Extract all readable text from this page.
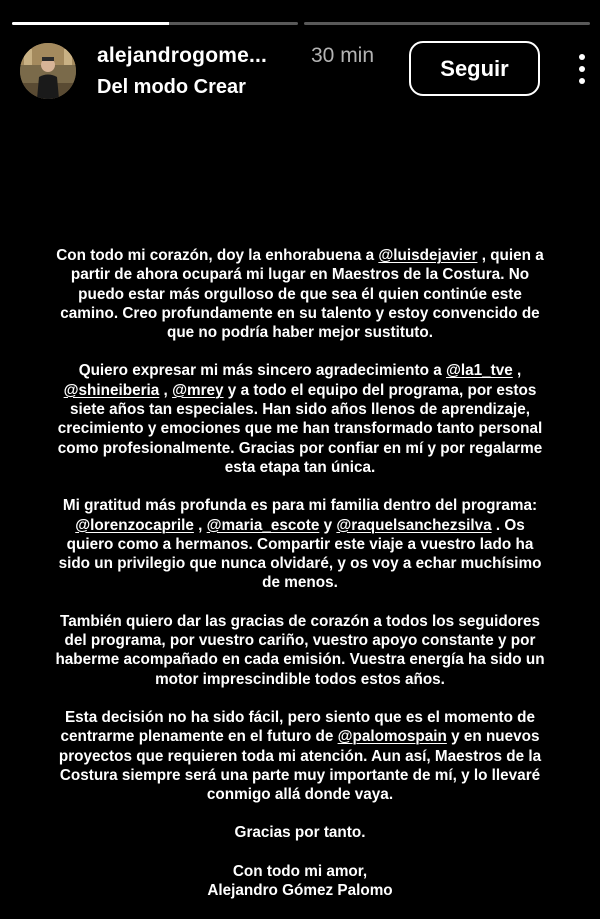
alejandrogome... 30 min
Del modo Crear
Seguir

Con todo mi corazón, doy la enhorabuena a @luisdejavier , quien a partir de ahora ocupará mi lugar en Maestros de la Costura. No puedo estar más orgulloso de que sea él quien continúe este camino. Creo profundamente en su talento y estoy convencido de que no podría haber mejor sustituto.

Quiero expresar mi más sincero agradecimiento a @la1_tve , @shineiberia , @mrey y a todo el equipo del programa, por estos siete años tan especiales. Han sido años llenos de aprendizaje, crecimiento y emociones que me han transformado tanto personal como profesionalmente. Gracias por confiar en mí y por regalarme esta etapa tan única.

Mi gratitud más profunda es para mi familia dentro del programa: @lorenzocaprile , @maria_escote y @raquelsanchezsilva . Os quiero como a hermanos. Compartir este viaje a vuestro lado ha sido un privilegio que nunca olvidaré, y os voy a echar muchísimo de menos.

También quiero dar las gracias de corazón a todos los seguidores del programa, por vuestro cariño, vuestro apoyo constante y por haberme acompañado en cada emisión. Vuestra energía ha sido un motor imprescindible todos estos años.

Esta decisión no ha sido fácil, pero siento que es el momento de centrarme plenamente en el futuro de @palomospain y en nuevos proyectos que requieren toda mi atención. Aun así, Maestros de la Costura siempre será una parte muy importante de mí, y lo llevaré conmigo allá donde vaya.

Gracias por tanto.

Con todo mi amor,
Alejandro Gómez Palomo
